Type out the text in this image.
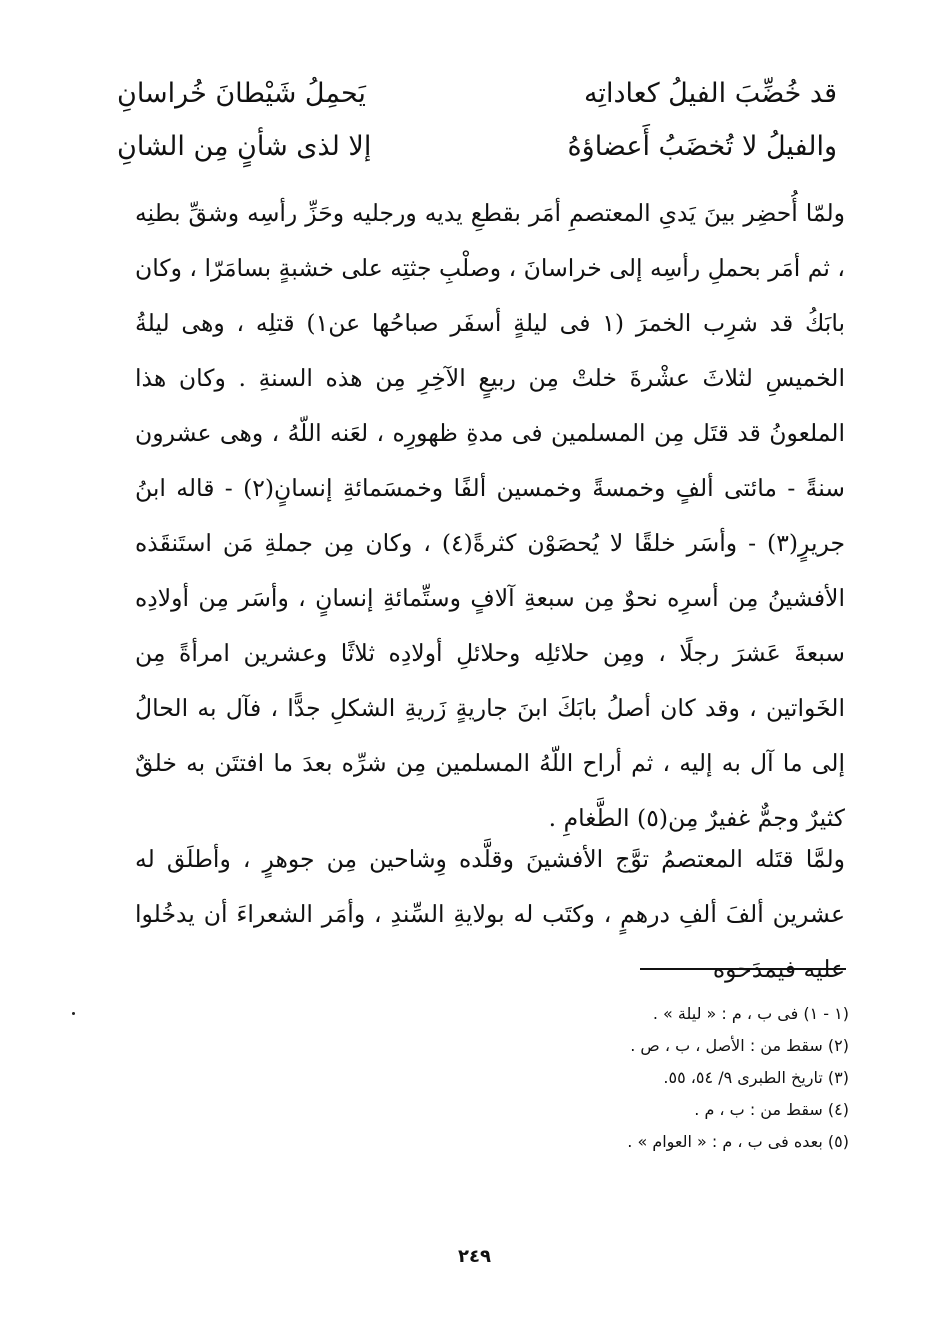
قد خُضِّبَ الفيلُ كعاداتِه
يَحمِلُ شَيْطانَ خُراسانِ
والفيلُ لا تُخضَبُ أَعضاؤهُ
إلا لذى شأنٍ مِن الشانِ
ولمّا أُحضِر بينَ يَدىِ المعتصمِ أمَر بقطعِ يديه ورجليه وحَزِّ رأسِه وشقِّ بطنِه ، ثم أمَر بحملِ رأسِه إلى خراسانَ ، وصلْبِ جثتِه على خشبةٍ بسامَرّا ، وكان بابَكُ قد شرِب الخمرَ (١ فى ليلةٍ أسفَر صباحُها عن١) قتلِه ، وهى ليلةُ الخميسِ لثلاثَ عشْرةَ خلتْ مِن ربيعٍ الآخِرِ مِن هذه السنةِ . وكان هذا الملعونُ قد قتَل مِن المسلمين فى مدةِ ظهورِه ، لعَنه اللّهُ ، وهى عشرون سنةً - مائتى ألفٍ وخمسةً وخمسين ألفًا وخمسَمائةِ إنسانٍ(٢) - قاله ابنُ جريرٍ(٣) - وأسَر خلقًا لا يُحصَوْن كثرةً(٤) ، وكان مِن جملةِ مَن استَنقَذه الأفشينُ مِن أسرِه نحوٌ مِن سبعةِ آلافٍ وستِّمائةِ إنسانٍ ، وأسَر مِن أولادِه سبعةَ عَشرَ رجلًا ، ومِن حلائلِه وحلائلِ أولادِه ثلاثًا وعشرين امرأةً مِن الخَواتين ، وقد كان أصلُ بابَكَ ابنَ جاريةٍ زَريةِ الشكلِ جدًّا ، فآل به الحالُ إلى ما آل به إليه ، ثم أراح اللّهُ المسلمين مِن شرِّه بعدَ ما افتتَن به خلقٌ كثيرٌ وجمٌّ غفيرٌ مِن(٥) الطَّغامِ .
ولمَّا قتَله المعتصمُ توَّج الأفشينَ وقلَّده وِشاحين مِن جوهرٍ ، وأطلَق له عشرين ألفَ ألفِ درهمٍ ، وكتَب له بولايةِ السِّندِ ، وأمَر الشعراءَ أن يدخُلوا عليه فيمدَحوه
(١ - ١) فى ب ، م : « ليلة » .
(٢) سقط من : الأصل ، ب ، ص .
(٣) تاريخ الطبرى ٩/ ٥٤، ٥٥.
(٤) سقط من : ب ، م .
(٥) بعده فى ب ، م : « العوام » .
٢٤٩
